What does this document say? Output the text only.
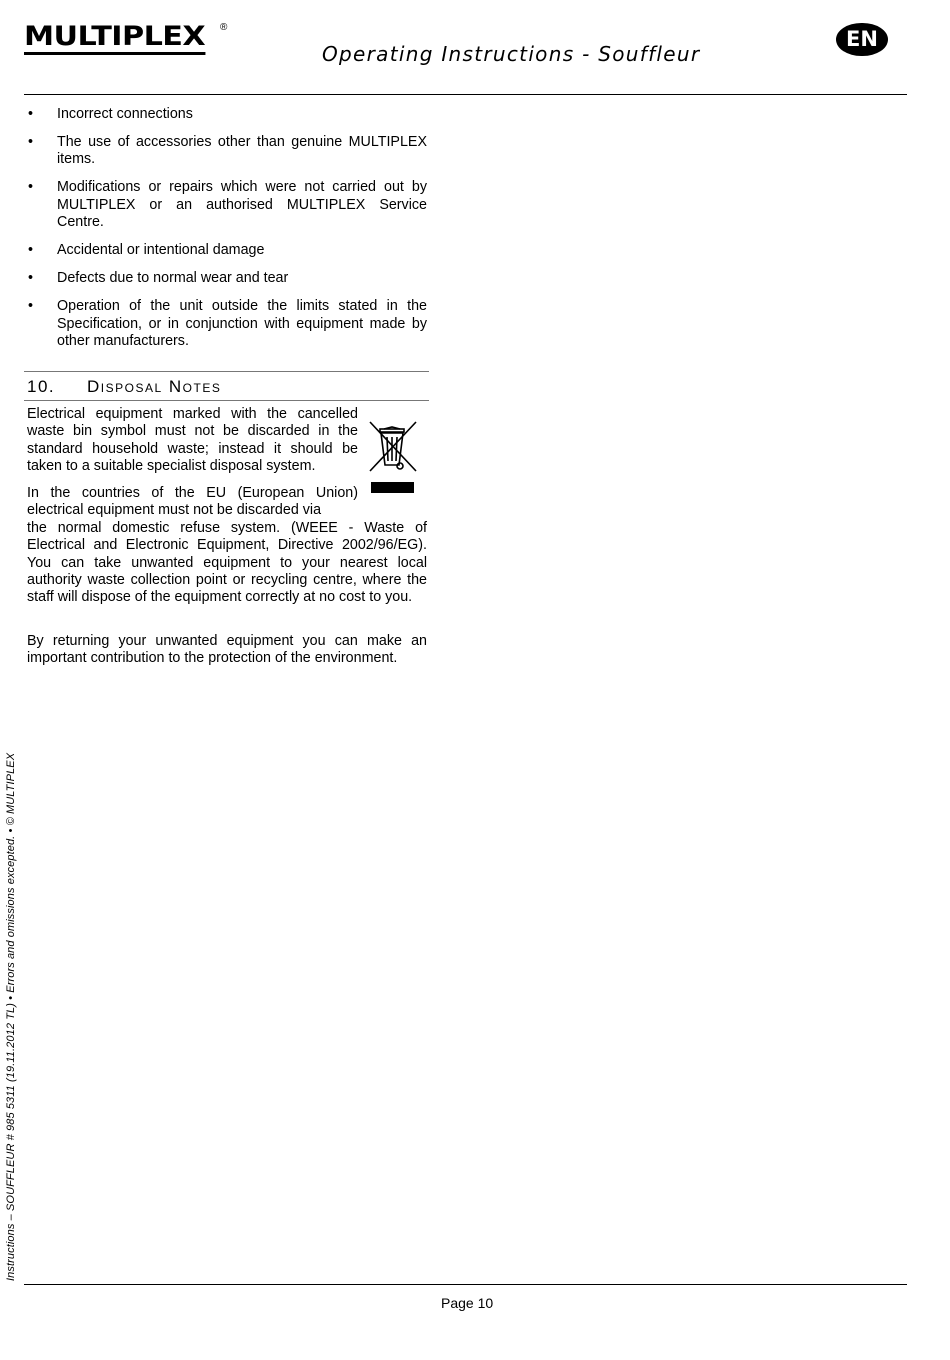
MULTIPLEX ®
Operating Instructions - Souffleur
EN
• Incorrect connections
• The use of accessories other than genuine MULTIPLEX items.
• Modifications or repairs which were not carried out by MULTIPLEX or an authorised MULTIPLEX Service Centre.
• Accidental or intentional damage
• Defects due to normal wear and tear
• Operation of the unit outside the limits stated in the Specification, or in conjunction with equipment made by other manufacturers.
10. Disposal Notes

Electrical equipment marked with the cancelled waste bin symbol must not be discarded in the standard household waste; instead it should be taken to a suitable specialist disposal system.

In the countries of the EU (European Union) electrical equipment must not be discarded via

the normal domestic refuse system. (WEEE - Waste of Electrical and Electronic Equipment, Directive 2002/96/EG). You can take unwanted equipment to your nearest local authority waste collection point or recycling centre, where the staff will dispose of the equipment correctly at no cost to you.

By returning your unwanted equipment you can make an important contribution to the protection of the environment.

Instructions – SOUFFLEUR # 985 5311 (19.11.2012 TL) • Errors and omissions excepted. • © MULTIPLEX
Page 10
